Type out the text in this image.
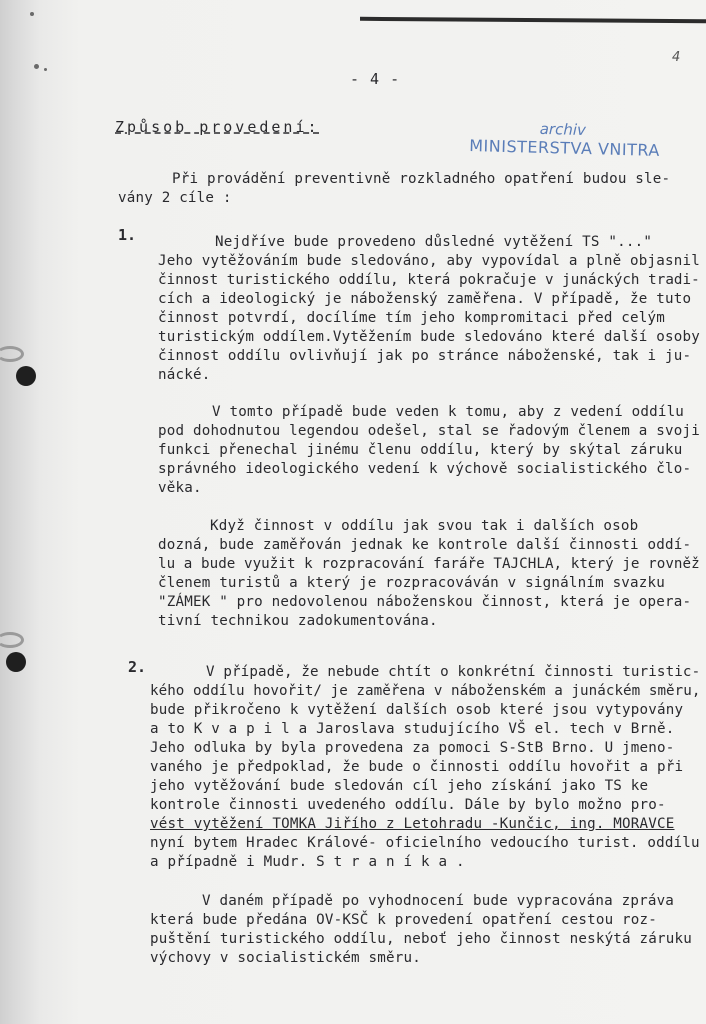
4
- 4 -
Způsob provedení:	archiv
MINISTERSTVA VNITRA
Při provádění preventivně rozkladného opatření budou sle-
vány 2 cíle :
1.	Nejdříve bude provedeno důsledné vytěžení TS "..."
Jeho vytěžováním bude sledováno, aby vypovídal a plně objasnil
činnost turistického oddílu, která pokračuje v junáckých tradi-
cích a ideologický je náboženský zaměřena. V případě, že tuto
činnost potvrdí, docílíme tím jeho kompromitaci před celým
turistickým oddílem.Vytěžením bude sledováno které další osoby
činnost oddílu ovlivňují jak po stránce náboženské, tak i ju-
nácké.
V tomto případě bude veden k tomu, aby z vedení oddílu
pod dohodnutou legendou odešel, stal se řadovým členem a svoji
funkci přenechal jinému členu oddílu, který by skýtal záruku
správného ideologického vedení k výchově socialistického člo-
věka.
Když činnost v oddílu jak svou tak i dalších osob
dozná, bude zaměřován jednak ke kontrole další činnosti oddí-
lu a bude využit k rozpracování faráře TAJCHLA, který je rovněž
členem turistů a který je rozpracováván v signálním svazku
"ZÁMEK " pro nedovolenou náboženskou činnost, která je opera-
tivní technikou zadokumentována.
2.	V případě, že nebude chtít o konkrétní činnosti turistic-
kého oddílu hovořit/ je zaměřena v náboženském a junáckém směru,
bude přikročeno k vytěžení dalších osob které jsou vytypovány
a to K v a p i l a Jaroslava studujícího VŠ el. tech v Brně.
Jeho odluka by byla provedena za pomoci S-StB Brno. U jmeno-
vaného je předpoklad, že bude o činnosti oddílu hovořit a při
jeho vytěžování bude sledován cíl jeho získání jako TS ke
kontrole činnosti uvedeného oddílu. Dále by bylo možno pro-
vést vytěžení TOMKA Jiřího z Letohradu -Kunčic, ing. MORAVCE
nyní bytem Hradec Králové- oficielního vedoucího turist. oddílu
a případně i Mudr. S t r a n í k a .
V daném případě po vyhodnocení bude vypracována zpráva
která bude předána OV-KSČ k provedení opatření cestou roz-
puštění turistického oddílu, neboť jeho činnost neskýtá záruku
výchovy v socialistickém směru.
